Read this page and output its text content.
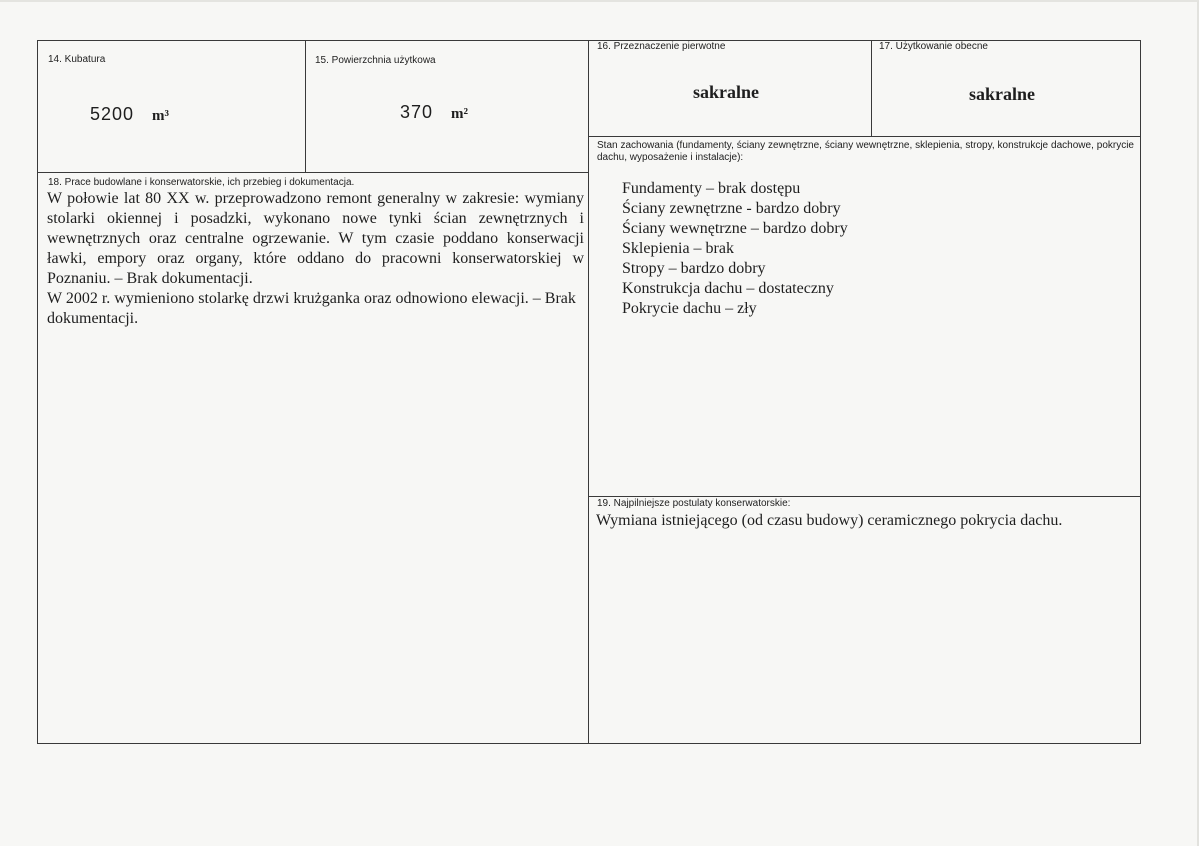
14. Kubatura
5200 m³
15. Powierzchnia użytkowa
370 m²
16. Przeznaczenie pierwotne
sakralne
17. Użytkowanie obecne
sakralne
Stan zachowania (fundamenty, ściany zewnętrzne, ściany wewnętrzne, sklepienia, stropy, konstrukcje dachowe, pokrycie dachu, wyposażenie i instalacje):
Fundamenty – brak dostępu
Ściany zewnętrzne - bardzo dobry
Ściany wewnętrzne – bardzo dobry
Sklepienia – brak
Stropy – bardzo dobry
Konstrukcja dachu – dostateczny
Pokrycie dachu – zły
18. Prace budowlane i konserwatorskie, ich przebieg i dokumentacja.

W połowie lat 80 XX w. przeprowadzono remont generalny w zakresie: wymiany stolarki okiennej i posadzki, wykonano nowe tynki ścian zewnętrznych i wewnętrznych oraz centralne ogrzewanie. W tym czasie poddano konserwacji ławki, empory oraz organy, które oddano do pracowni konserwatorskiej w Poznaniu. – Brak dokumentacji.

W 2002 r. wymieniono stolarkę drzwi krużganka oraz odnowiono elewacji. – Brak dokumentacji.

19. Najpilniejsze postulaty konserwatorskie:
Wymiana istniejącego (od czasu budowy) ceramicznego pokrycia dachu.
